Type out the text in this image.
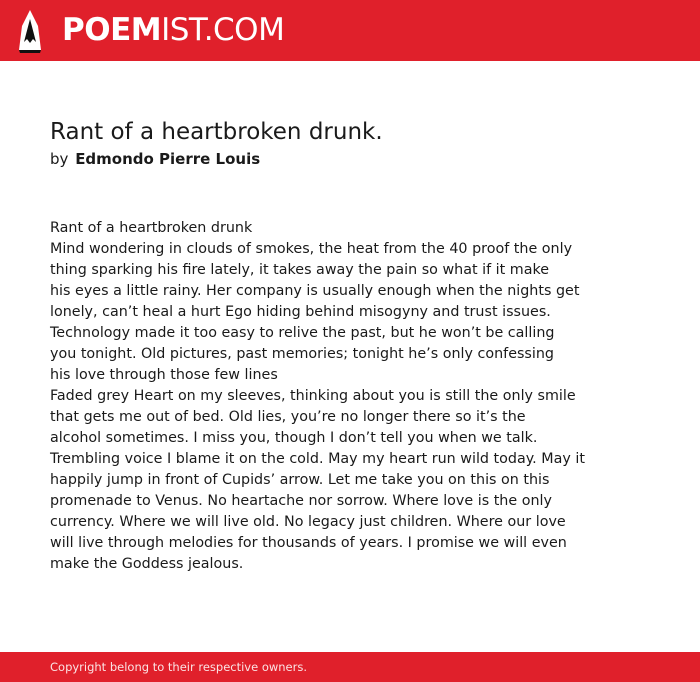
POEMIST.COM
Rant of a heartbroken drunk.
by Edmondo Pierre Louis
Rant of a heartbroken drunk
Mind wondering in clouds of smokes, the heat from the 40 proof the only
thing sparking his fire lately, it takes away the pain so what if it make
his eyes a little rainy. Her company is usually enough when the nights get
lonely, can’t heal a hurt Ego hiding behind misogyny and trust issues.
Technology made it too easy to relive the past, but he won’t be calling
you tonight. Old pictures, past memories; tonight he’s only confessing
his love through those few lines
Faded grey Heart on my sleeves, thinking about you is still the only smile
that gets me out of bed. Old lies, you’re no longer there so it’s the
alcohol sometimes. I miss you, though I don’t tell you when we talk.
Trembling voice I blame it on the cold. May my heart run wild today. May it
happily jump in front of Cupids’ arrow. Let me take you on this on this
promenade to Venus. No heartache nor sorrow. Where love is the only
currency. Where we will live old. No legacy just children. Where our love
will live through melodies for thousands of years. I promise we will even
make the Goddess jealous.
Copyright belong to their respective owners.
